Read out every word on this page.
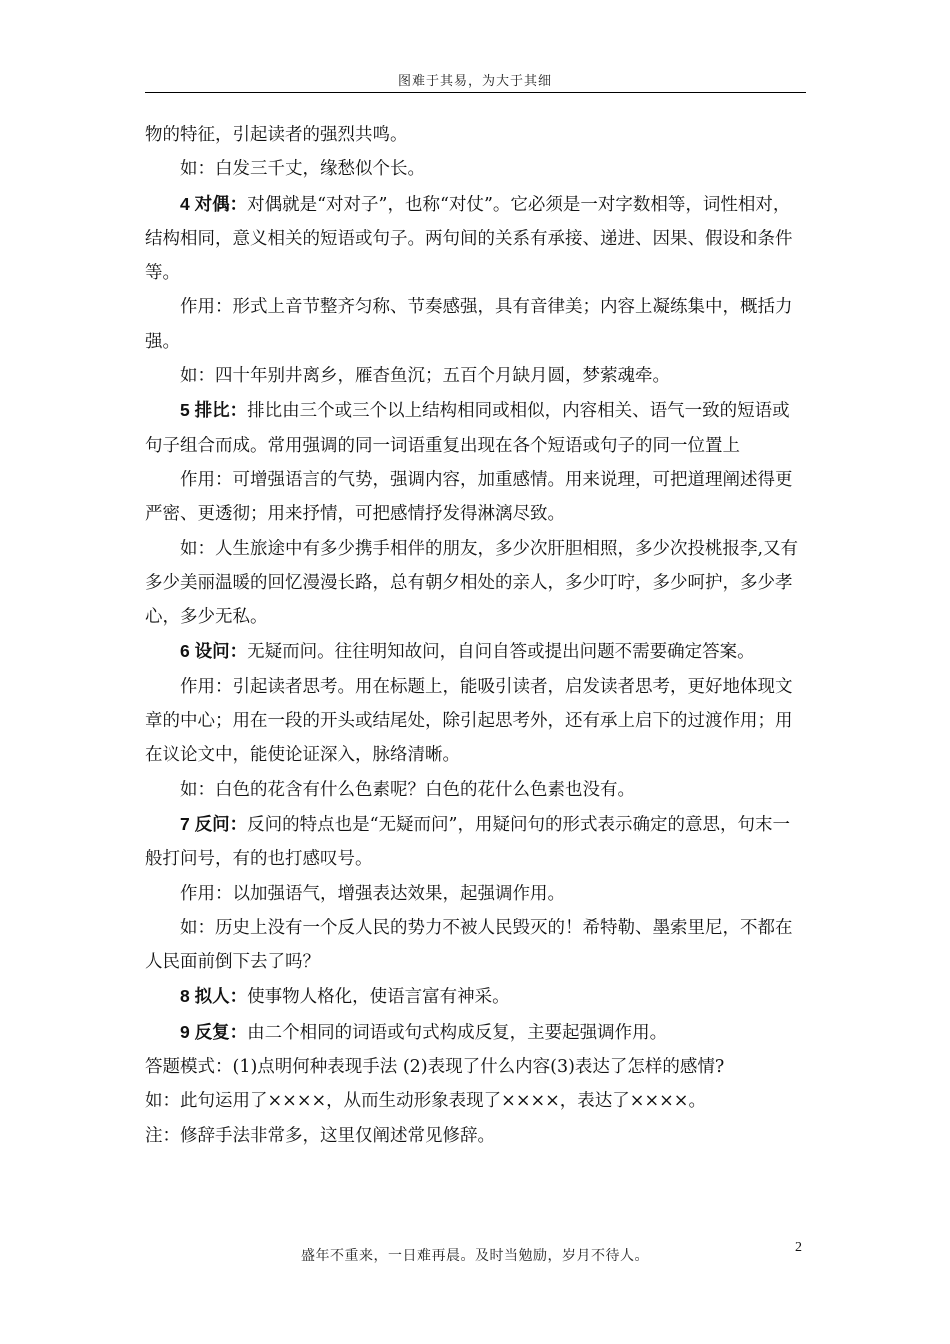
图难于其易，为大于其细

物的特征，引起读者的强烈共鸣。

如：白发三千丈，缘愁似个长。

4 对偶：对偶就是“对对子”，也称“对仗”。它必须是一对字数相等，词性相对，结构相同，意义相关的短语或句子。两句间的关系有承接、递进、因果、假设和条件等。

作用：形式上音节整齐匀称、节奏感强，具有音律美；内容上凝练集中，概括力强。

如：四十年别井离乡，雁杳鱼沉；五百个月缺月圆，梦萦魂牵。

5 排比：排比由三个或三个以上结构相同或相似，内容相关、语气一致的短语或句子组合而成。常用强调的同一词语重复出现在各个短语或句子的同一位置上

作用：可增强语言的气势，强调内容，加重感情。用来说理，可把道理阐述得更严密、更透彻；用来抒情，可把感情抒发得淋漓尽致。

如：人生旅途中有多少携手相伴的朋友，多少次肝胆相照，多少次投桃报李,又有多少美丽温暖的回忆漫漫长路，总有朝夕相处的亲人，多少叮咛，多少呵护，多少孝心，多少无私。

6 设问：无疑而问。往往明知故问，自问自答或提出问题不需要确定答案。

作用：引起读者思考。用在标题上，能吸引读者，启发读者思考，更好地体现文章的中心；用在一段的开头或结尾处，除引起思考外，还有承上启下的过渡作用；用在议论文中，能使论证深入，脉络清晰。

如：白色的花含有什么色素呢？白色的花什么色素也没有。

7 反问：反问的特点也是“无疑而问”，用疑问句的形式表示确定的意思，句末一般打问号，有的也打感叹号。

作用：以加强语气，增强表达效果，起强调作用。

如：历史上没有一个反人民的势力不被人民毁灭的！希特勒、墨索里尼，不都在人民面前倒下去了吗？

8 拟人：使事物人格化，使语言富有神采。

9 反复：由二个相同的词语或句式构成反复，主要起强调作用。

答题模式：(1)点明何种表现手法 (2)表现了什么内容(3)表达了怎样的感情?

如：此句运用了××××，从而生动形象表现了××××，表达了××××。

注：修辞手法非常多，这里仅阐述常见修辞。

盛年不重来，一日难再晨。及时当勉励，岁月不待人。
2
